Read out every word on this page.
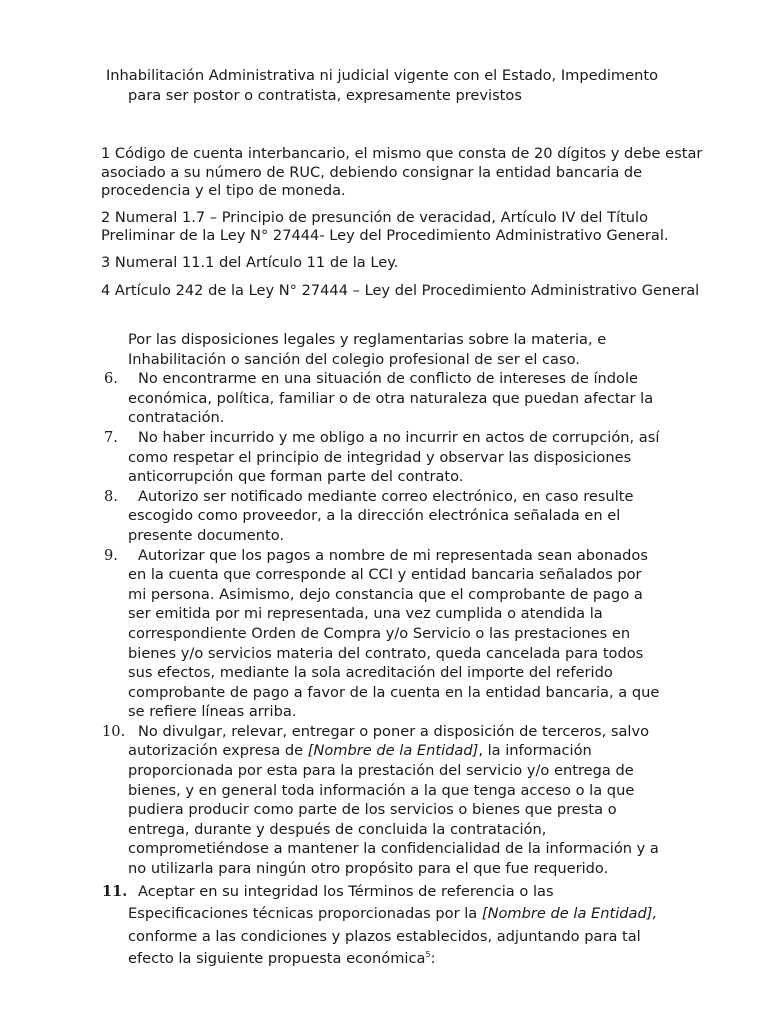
Inhabilitación Administrativa ni judicial vigente con el Estado, Impedimento
para ser postor o contratista, expresamente previstos

1 Código de cuenta interbancario, el mismo que consta de 20 dígitos y debe estar asociado a su número de RUC, debiendo consignar la entidad bancaria de procedencia y el tipo de moneda.

2 Numeral 1.7 – Principio de presunción de veracidad, Artículo IV del Título Preliminar de la Ley N° 27444- Ley del Procedimiento Administrativo General.

3 Numeral 11.1 del Artículo 11 de la Ley.

4 Artículo 242 de la Ley N° 27444 – Ley del Procedimiento Administrativo General

Por las disposiciones legales y reglamentarias sobre la materia, e Inhabilitación o sanción del colegio profesional de ser el caso.

6. No encontrarme en una situación de conflicto de intereses de índole económica, política, familiar o de otra naturaleza que puedan afectar la contratación.
7. No haber incurrido y me obligo a no incurrir en actos de corrupción, así como respetar el principio de integridad y observar las disposiciones anticorrupción que forman parte del contrato.
8. Autorizo ser notificado mediante correo electrónico, en caso resulte escogido como proveedor, a la dirección electrónica señalada en el presente documento.
9. Autorizar que los pagos a nombre de mi representada sean abonados en la cuenta que corresponde al CCI y entidad bancaria señalados por mi persona. Asimismo, dejo constancia que el comprobante de pago a ser emitida por mi representada, una vez cumplida o atendida la correspondiente Orden de Compra y/o Servicio o las prestaciones en bienes y/o servicios materia del contrato, queda cancelada para todos sus efectos, mediante la sola acreditación del importe del referido comprobante de pago a favor de la cuenta en la entidad bancaria, a que se refiere líneas arriba.
10. No divulgar, relevar, entregar o poner a disposición de terceros, salvo autorización expresa de [Nombre de la Entidad], la información proporcionada por esta para la prestación del servicio y/o entrega de bienes, y en general toda información a la que tenga acceso o la que pudiera producir como parte de los servicios o bienes que presta o entrega, durante y después de concluida la contratación, comprometiéndose a mantener la confidencialidad de la información y a no utilizarla para ningún otro propósito para el que fue requerido.
11. Aceptar en su integridad los Términos de referencia o las Especificaciones técnicas proporcionadas por la [Nombre de la Entidad], conforme a las condiciones y plazos establecidos, adjuntando para tal efecto la siguiente propuesta económica$^5$:
